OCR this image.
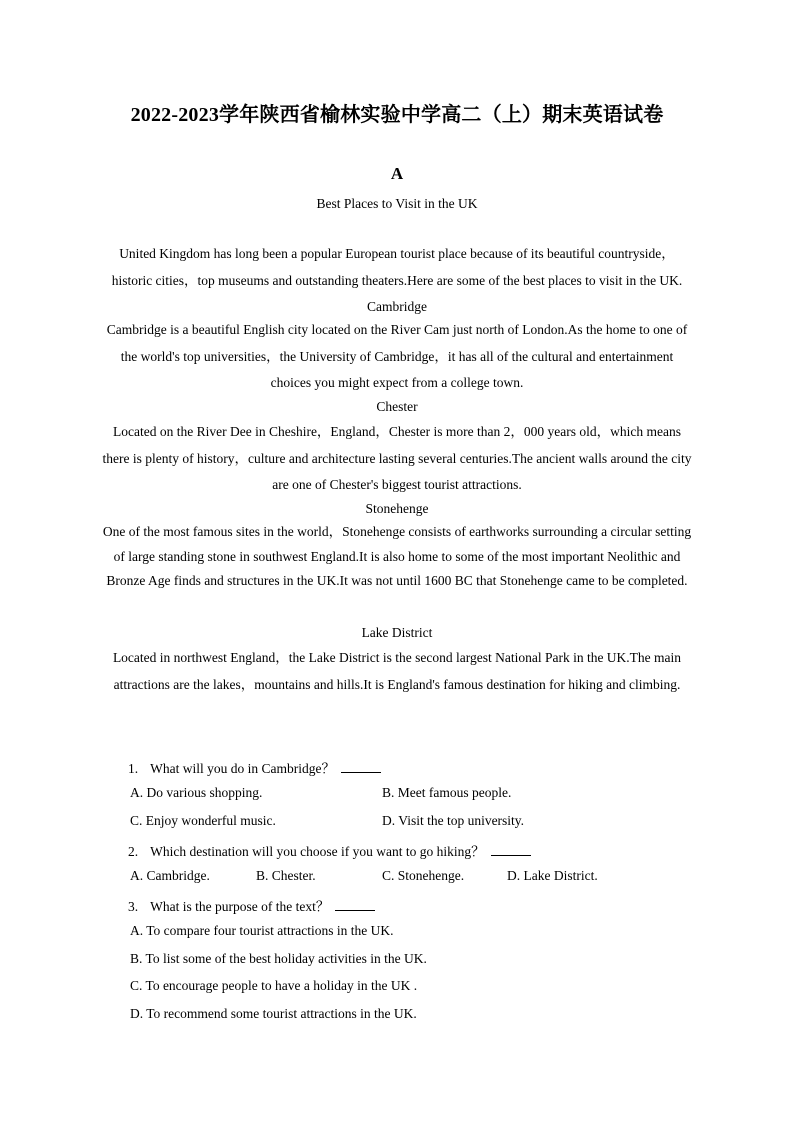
2022-2023学年陕西省榆林实验中学高二（上）期末英语试卷
A
Best Places to Visit in the UK
United Kingdom has long been a popular European tourist place because of its beautiful countryside，historic cities，top museums and outstanding theaters.Here are some of the best places to visit in the UK.
Cambridge
Cambridge is a beautiful English city located on the River Cam just north of London.As the home to one of the world's top universities，the University of Cambridge，it has all of the cultural and entertainment choices you might expect from a college town.
Chester
Located on the River Dee in Cheshire，England，Chester is more than 2，000 years old，which means there is plenty of history，culture and architecture lasting several centuries.The ancient walls around the city are one of Chester's biggest tourist attractions.
Stonehenge
One of the most famous sites in the world，Stonehenge consists of earthworks surrounding a circular setting of large standing stone in southwest England.It is also home to some of the most important Neolithic and Bronze Age finds and structures in the UK.It was not until 1600 BC that Stonehenge came to be completed.
Lake District
Located in northwest England，the Lake District is the second largest National Park in the UK.The main attractions are the lakes，mountains and hills.It is England's famous destination for hiking and climbing.
1. What will you do in Cambridge？
A. Do various shopping.	B. Meet famous people.
C. Enjoy wonderful music.	D. Visit the top university.
2. Which destination will you choose if you want to go hiking？
A. Cambridge.	B. Chester.	C. Stonehenge.	D. Lake District.
3. What is the purpose of the text？
A. To compare four tourist attractions in the UK.
B. To list some of the best holiday activities in the UK.
C. To encourage people to have a holiday in the UK .
D. To recommend some tourist attractions in the UK.
